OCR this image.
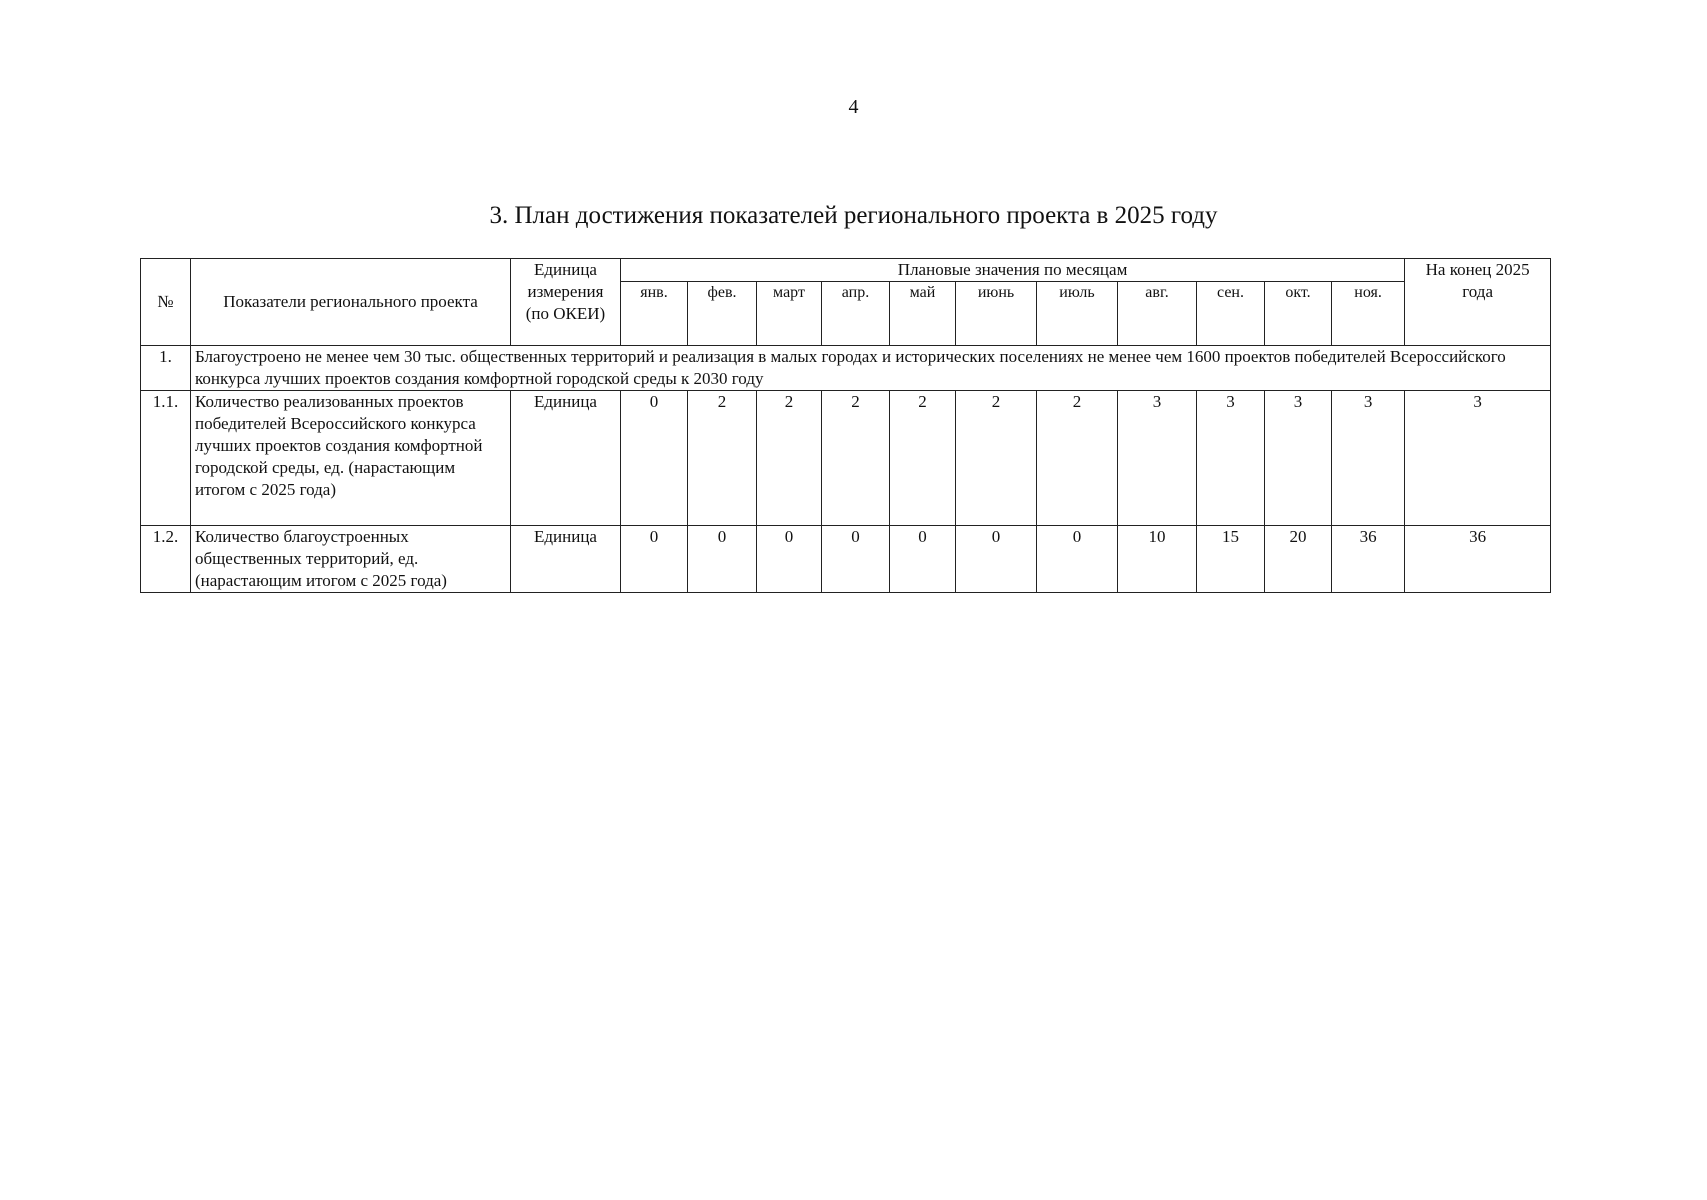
4
3. План достижения показателей регионального проекта в 2025 году
№	Показатели регионального проекта	Единица измерения (по ОКЕИ)	Плановые значения по месяцам											На конец 2025 года
			янв.	фев.	март	апр.	май	июнь	июль	авг.	сен.	окт.	ноя.	
1.	Благоустроено не менее чем 30 тыс. общественных территорий и реализация в малых городах и исторических поселениях не менее чем 1600 проектов победителей Всероссийского конкурса лучших проектов создания комфортной городской среды к 2030 году													
1.1.	Количество реализованных проектов победителей Всероссийского конкурса лучших проектов создания комфортной городской среды, ед. (нарастающим итогом с 2025 года)	Единица	0	2	2	2	2	2	2	3	3	3	3	3
1.2.	Количество благоустроенных общественных территорий, ед. (нарастающим итогом с 2025 года)	Единица	0	0	0	0	0	0	0	10	15	20	36	36
